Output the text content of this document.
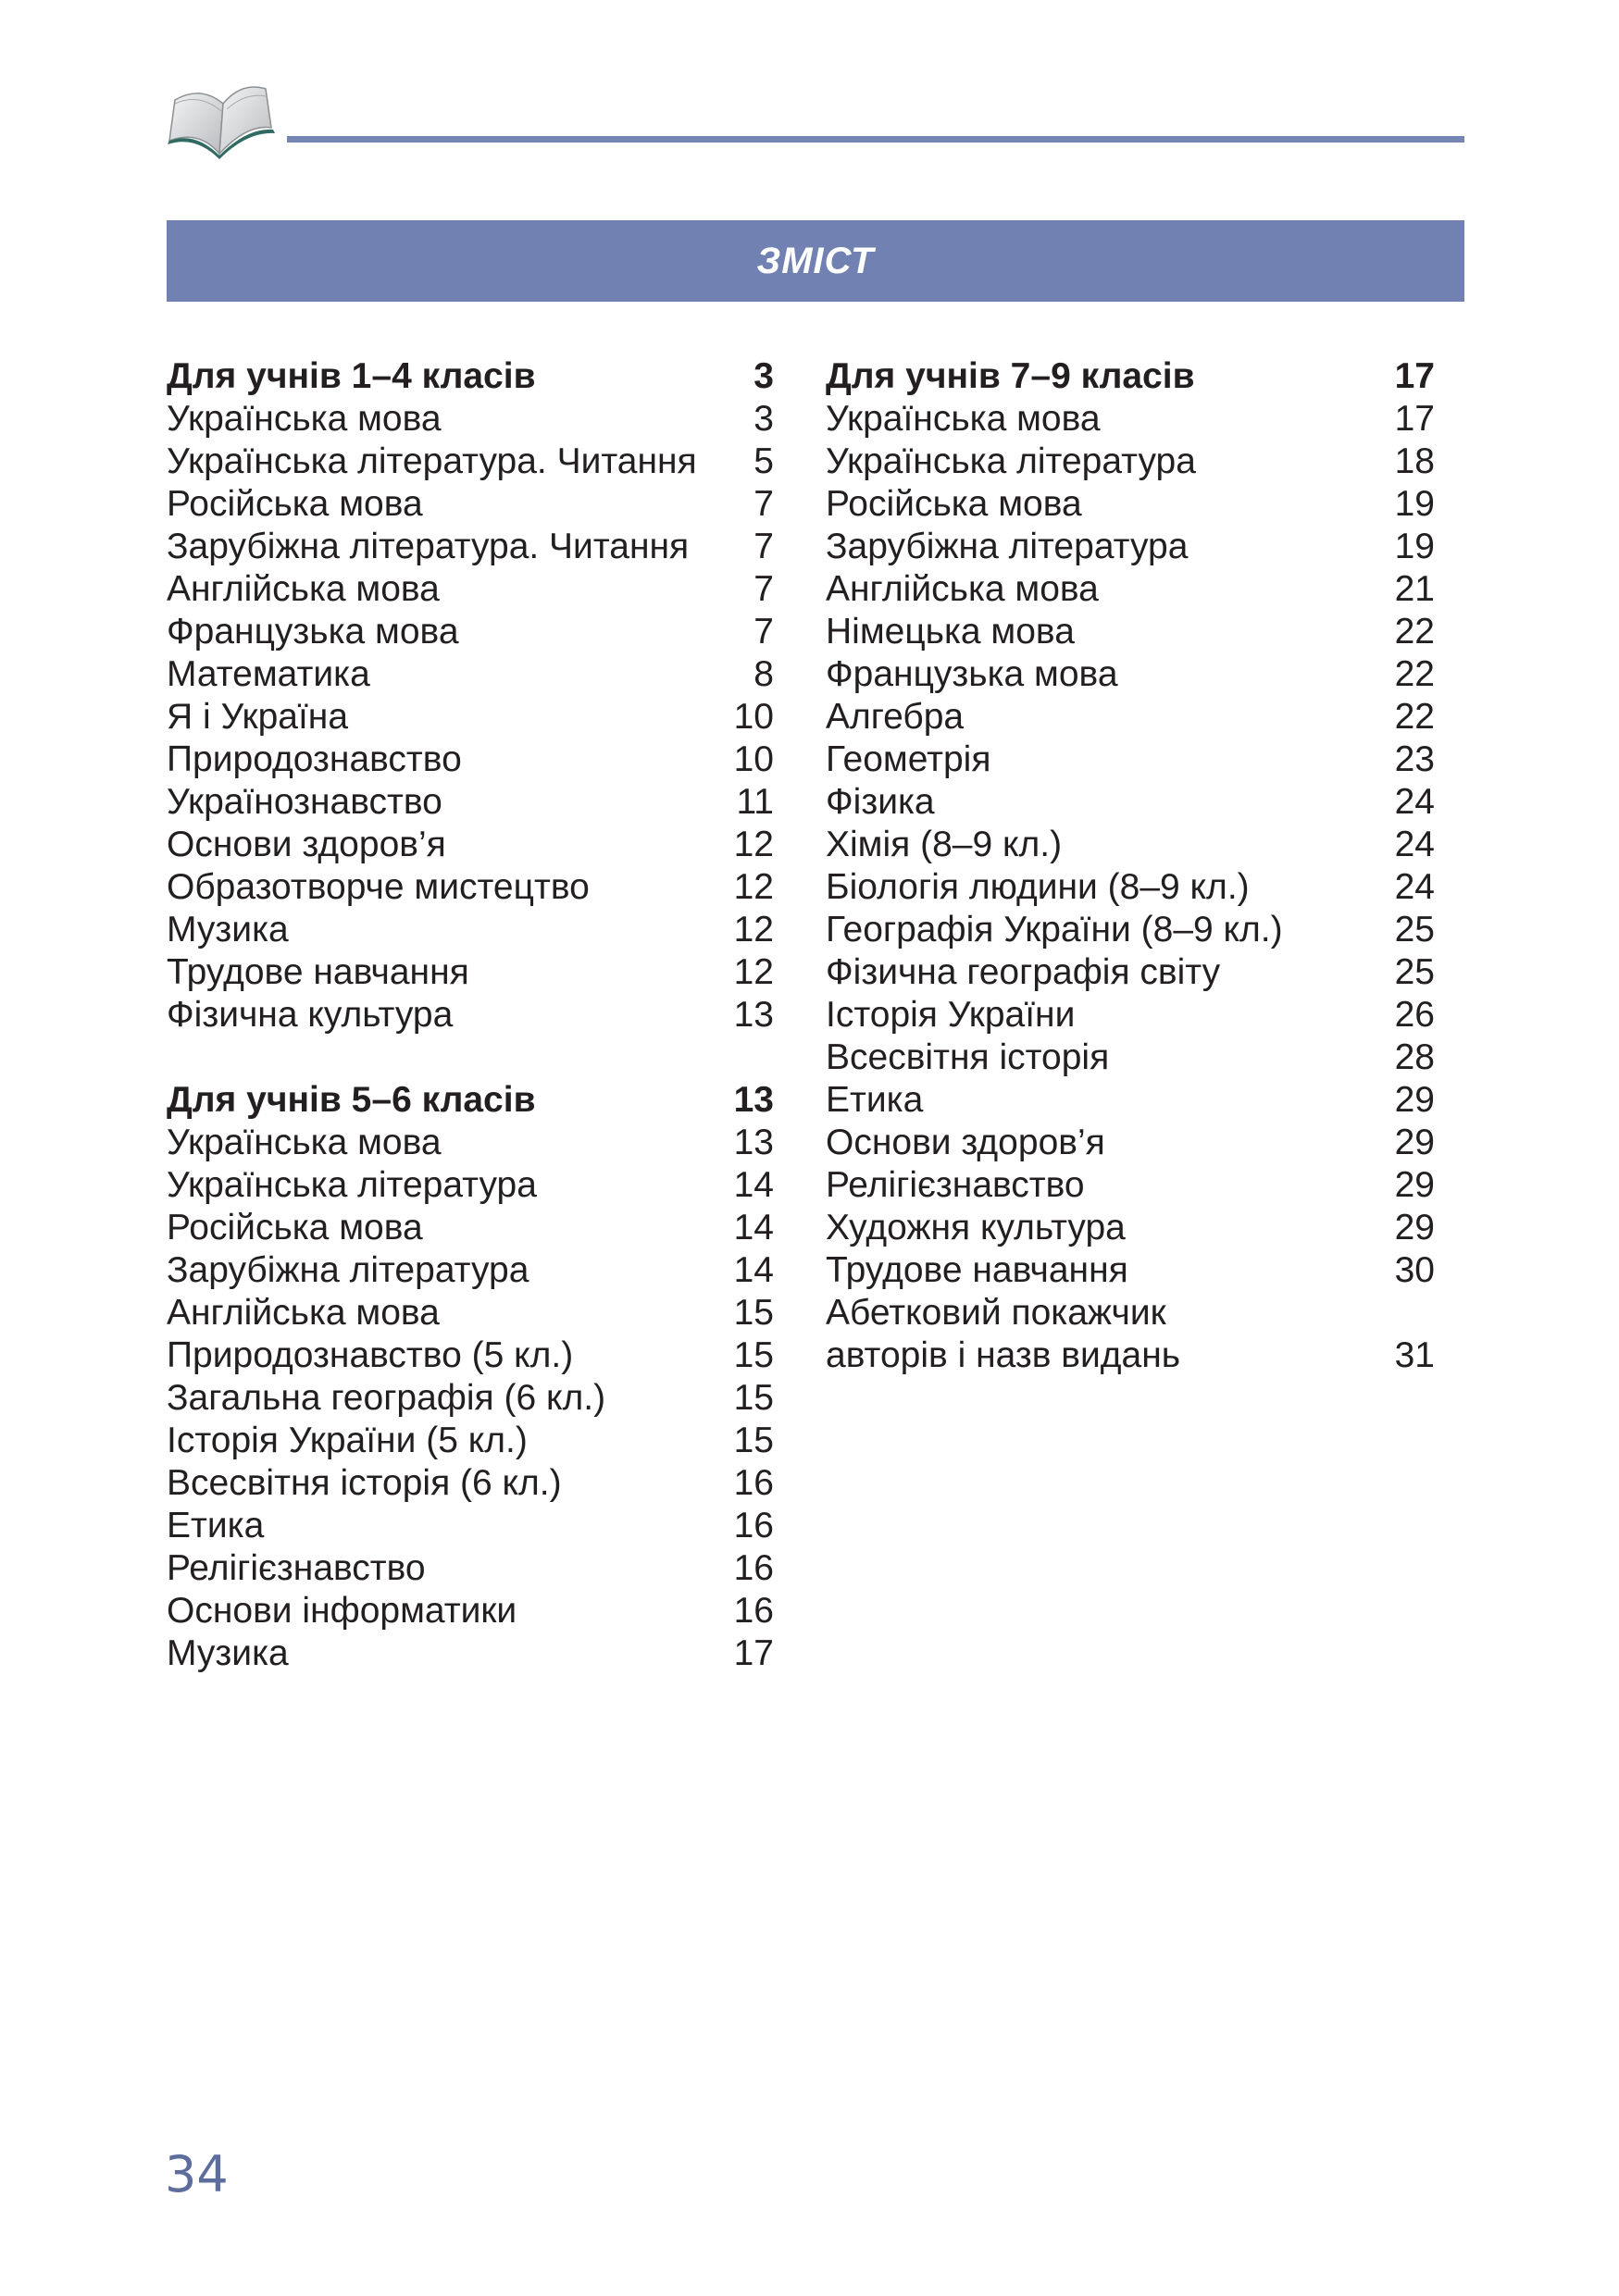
ЗМІСТ
Для учнів 1–4 класів	3
Українська мова	3
Українська література. Читання 5
Російська мова	7
Зарубіжна література. Читання 7
Англійська мова	7
Французька мова	7
Математика	8
Я і Україна	10
Природознавство	10
Українознавство	11
Основи здоров’я	12
Образотворче мистецтво	12
Музика	12
Трудове навчання	12
Фізична культура	13
Для учнів 5–6 класів	13
Українська мова	13
Українська література	14
Російська мова	14
Зарубіжна література	14
Англійська мова	15
Природознавство (5 кл.)	15
Загальна географія (6 кл.)	15
Історія України (5 кл.)	15
Всесвітня історія (6 кл.)	16
Етика	16
Релігієзнавство	16
Основи інформатики	16
Музика	17
Для учнів 7–9 класів	17
Українська мова	17
Українська література	18
Російська мова	19
Зарубіжна література	19
Англійська мова	21
Німецька мова	22
Французька мова	22
Алгебра	22
Геометрія	23
Фізика	24
Хімія (8–9 кл.)	24
Біологія людини (8–9 кл.)	24
Географія України (8–9 кл.)	25
Фізична географія світу	25
Історія України	26
Всесвітня історія	28
Етика	29
Основи здоров’я	29
Релігієзнавство	29
Художня культура	29
Трудове навчання	30
Абетковий покажчик
авторів і назв видань	31
34
